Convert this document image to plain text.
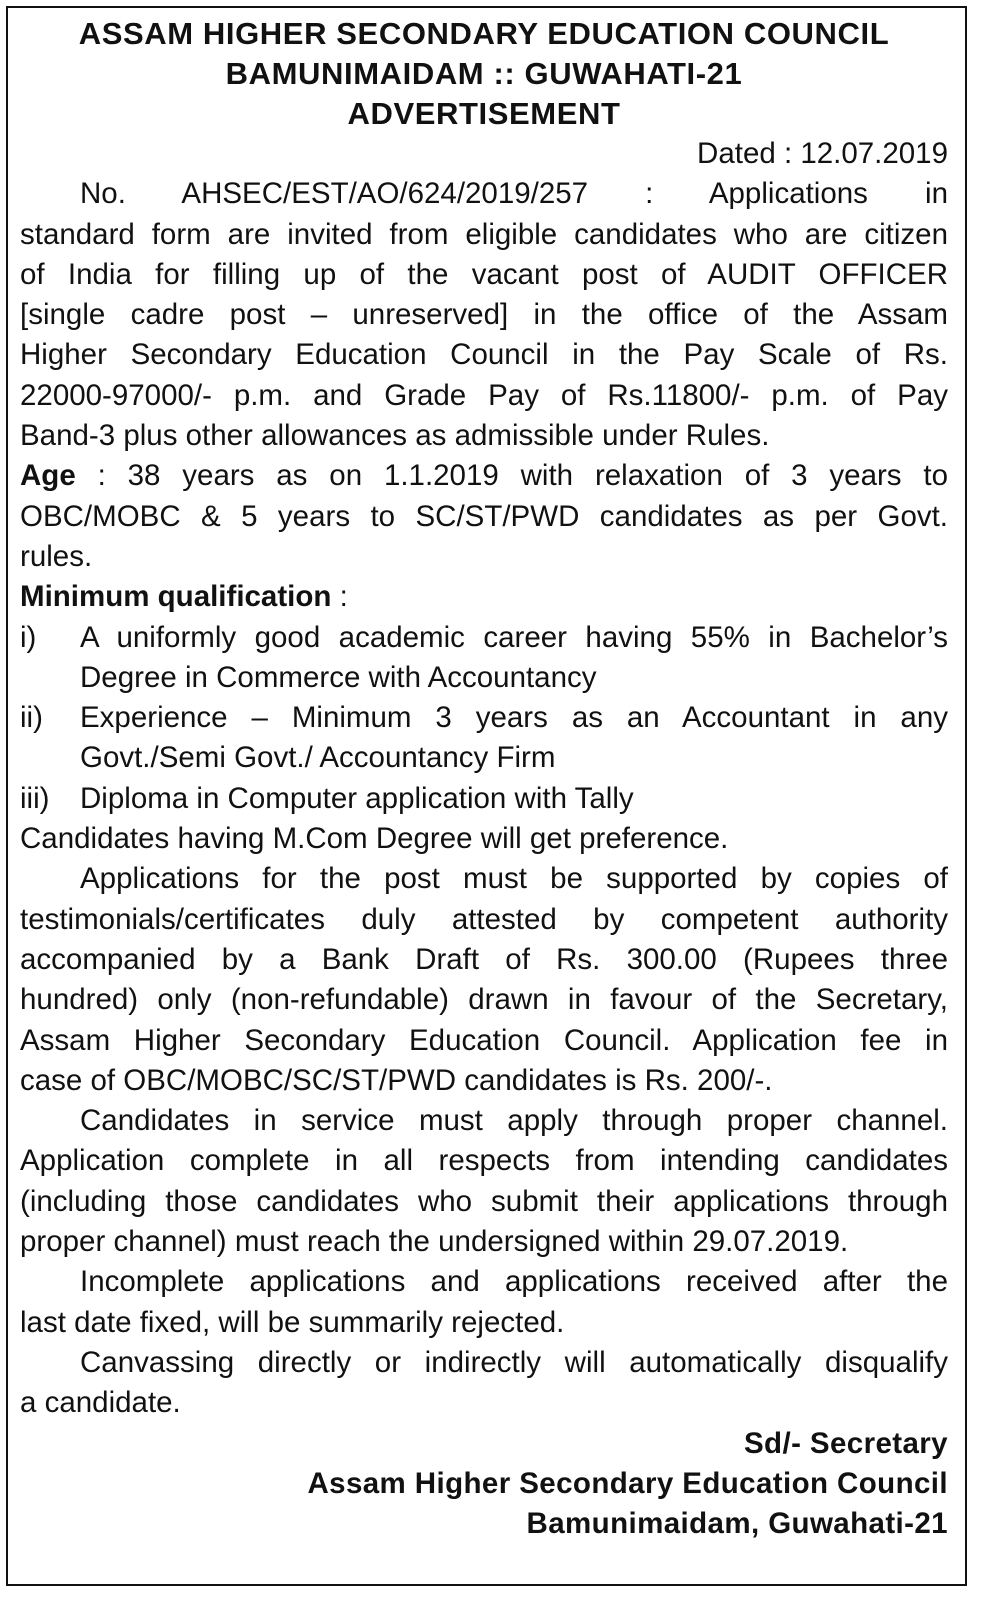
ASSAM HIGHER SECONDARY EDUCATION COUNCIL
BAMUNIMAIDAM :: GUWAHATI-21
ADVERTISEMENT
Dated : 12.07.2019

No. AHSEC/EST/AO/624/2019/257 : Applications in

standard form are invited from eligible candidates who are citizen

of India for filling up of the vacant post of AUDIT OFFICER

[single cadre post – unreserved] in the office of the Assam

Higher Secondary Education Council in the Pay Scale of Rs.

22000-97000/- p.m. and Grade Pay of Rs.11800/- p.m. of Pay

Band-3 plus other allowances as admissible under Rules.

Age : 38 years as on 1.1.2019 with relaxation of 3 years to

OBC/MOBC & 5 years to SC/ST/PWD candidates as per Govt.

rules.

Minimum qualification :

i)	A uniformly good academic career having 55% in Bachelor’s

Degree in Commerce with Accountancy

ii)	Experience – Minimum 3 years as an Accountant in any

Govt./Semi Govt./ Accountancy Firm

iii)	Diploma in Computer application with Tally

Candidates having M.Com Degree will get preference.

Applications for the post must be supported by copies of

testimonials/certificates duly attested by competent authority

accompanied by a Bank Draft of Rs. 300.00 (Rupees three

hundred) only (non-refundable) drawn in favour of the Secretary,

Assam Higher Secondary Education Council. Application fee in

case of OBC/MOBC/SC/ST/PWD candidates is Rs. 200/-.

Candidates in service must apply through proper channel.

Application complete in all respects from intending candidates

(including those candidates who submit their applications through

proper channel) must reach the undersigned within 29.07.2019.

Incomplete applications and applications received after the

last date fixed, will be summarily rejected.

Canvassing directly or indirectly will automatically disqualify

a candidate.

Sd/- Secretary
Assam Higher Secondary Education Council
Bamunimaidam, Guwahati-21
